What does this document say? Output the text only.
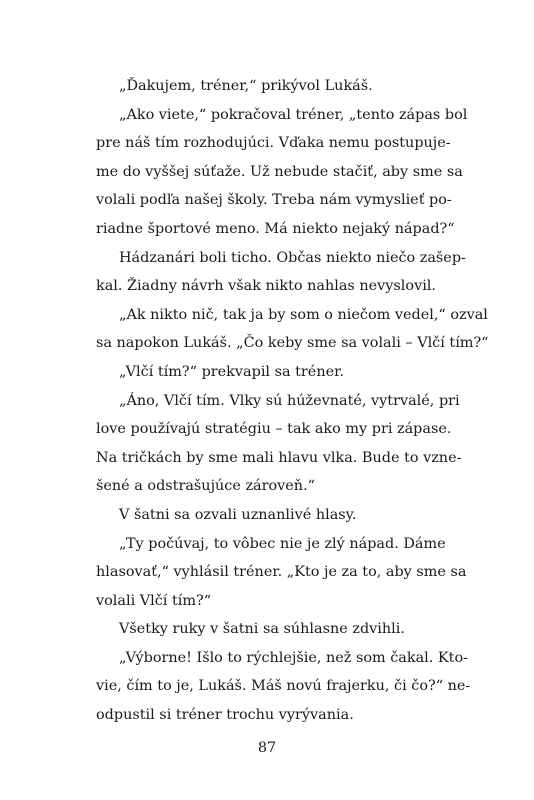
„Ďakujem, tréner,“ prikývol Lukáš.

„Ako viete,“ pokračoval tréner, „tento zápas bol
pre náš tím rozhodujúci. Vďaka nemu postupuje-
me do vyššej súťaže. Už nebude stačiť, aby sme sa
volali podľa našej školy. Treba nám vymyslieť po-
riadne športové meno. Má niekto nejaký nápad?“

Hádzanári boli ticho. Občas niekto niečo zašep-
kal. Žiadny návrh však nikto nahlas nevyslovil.

„Ak nikto nič, tak ja by som o niečom vedel,“ ozval
sa napokon Lukáš. „Čo keby sme sa volali – Vlčí tím?“

„Vlčí tím?“ prekvapil sa tréner.

„Áno, Vlčí tím. Vlky sú húževnaté, vytrvalé, pri
love používajú stratégiu – tak ako my pri zápase.
Na tričkách by sme mali hlavu vlka. Bude to vzne-
šené a odstrašujúce zároveň.“

V šatni sa ozvali uznanlivé hlasy.

„Ty počúvaj, to vôbec nie je zlý nápad. Dáme
hlasovať,“ vyhlásil tréner. „Kto je za to, aby sme sa
volali Vlčí tím?“

Všetky ruky v šatni sa súhlasne zdvihli.

„Výborne! Išlo to rýchlejšie, než som čakal. Kto-
vie, čím to je, Lukáš. Máš novú frajerku, či čo?“ ne-
odpustil si tréner trochu vyrývania.

87
